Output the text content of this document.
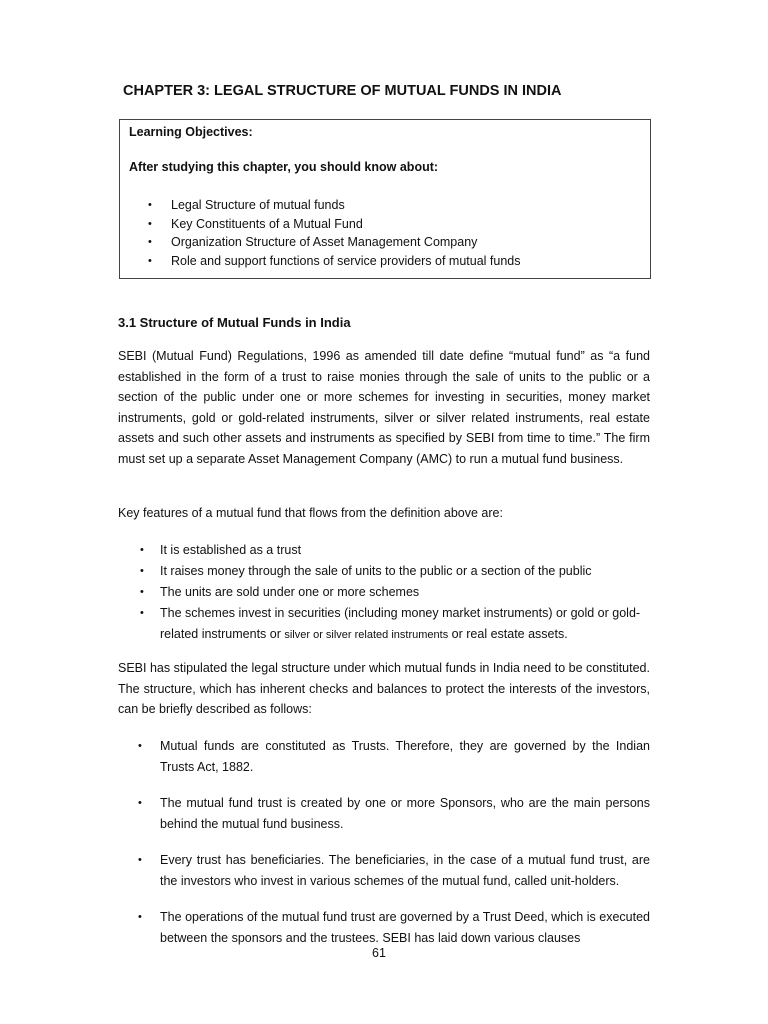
CHAPTER 3: LEGAL STRUCTURE OF MUTUAL FUNDS IN INDIA
Learning Objectives:
After studying this chapter, you should know about:
• Legal Structure of mutual funds
• Key Constituents of a Mutual Fund
• Organization Structure of Asset Management Company
• Role and support functions of service providers of mutual funds
3.1 Structure of Mutual Funds in India

SEBI (Mutual Fund) Regulations, 1996 as amended till date define “mutual fund” as “a fund established in the form of a trust to raise monies through the sale of units to the public or a section of the public under one or more schemes for investing in securities, money market instruments, gold or gold-related instruments, silver or silver related instruments, real estate assets and such other assets and instruments as specified by SEBI from time to time.” The firm must set up a separate Asset Management Company (AMC) to run a mutual fund business.

Key features of a mutual fund that flows from the definition above are:

• It is established as a trust
• It raises money through the sale of units to the public or a section of the public
• The units are sold under one or more schemes
• The schemes invest in securities (including money market instruments) or gold or gold-related instruments or silver or silver related instruments or real estate assets.

SEBI has stipulated the legal structure under which mutual funds in India need to be constituted. The structure, which has inherent checks and balances to protect the interests of the investors, can be briefly described as follows:

• Mutual funds are constituted as Trusts. Therefore, they are governed by the Indian Trusts Act, 1882.
• The mutual fund trust is created by one or more Sponsors, who are the main persons behind the mutual fund business.
• Every trust has beneficiaries. The beneficiaries, in the case of a mutual fund trust, are the investors who invest in various schemes of the mutual fund, called unit-holders.
• The operations of the mutual fund trust are governed by a Trust Deed, which is executed between the sponsors and the trustees. SEBI has laid down various clauses
61
